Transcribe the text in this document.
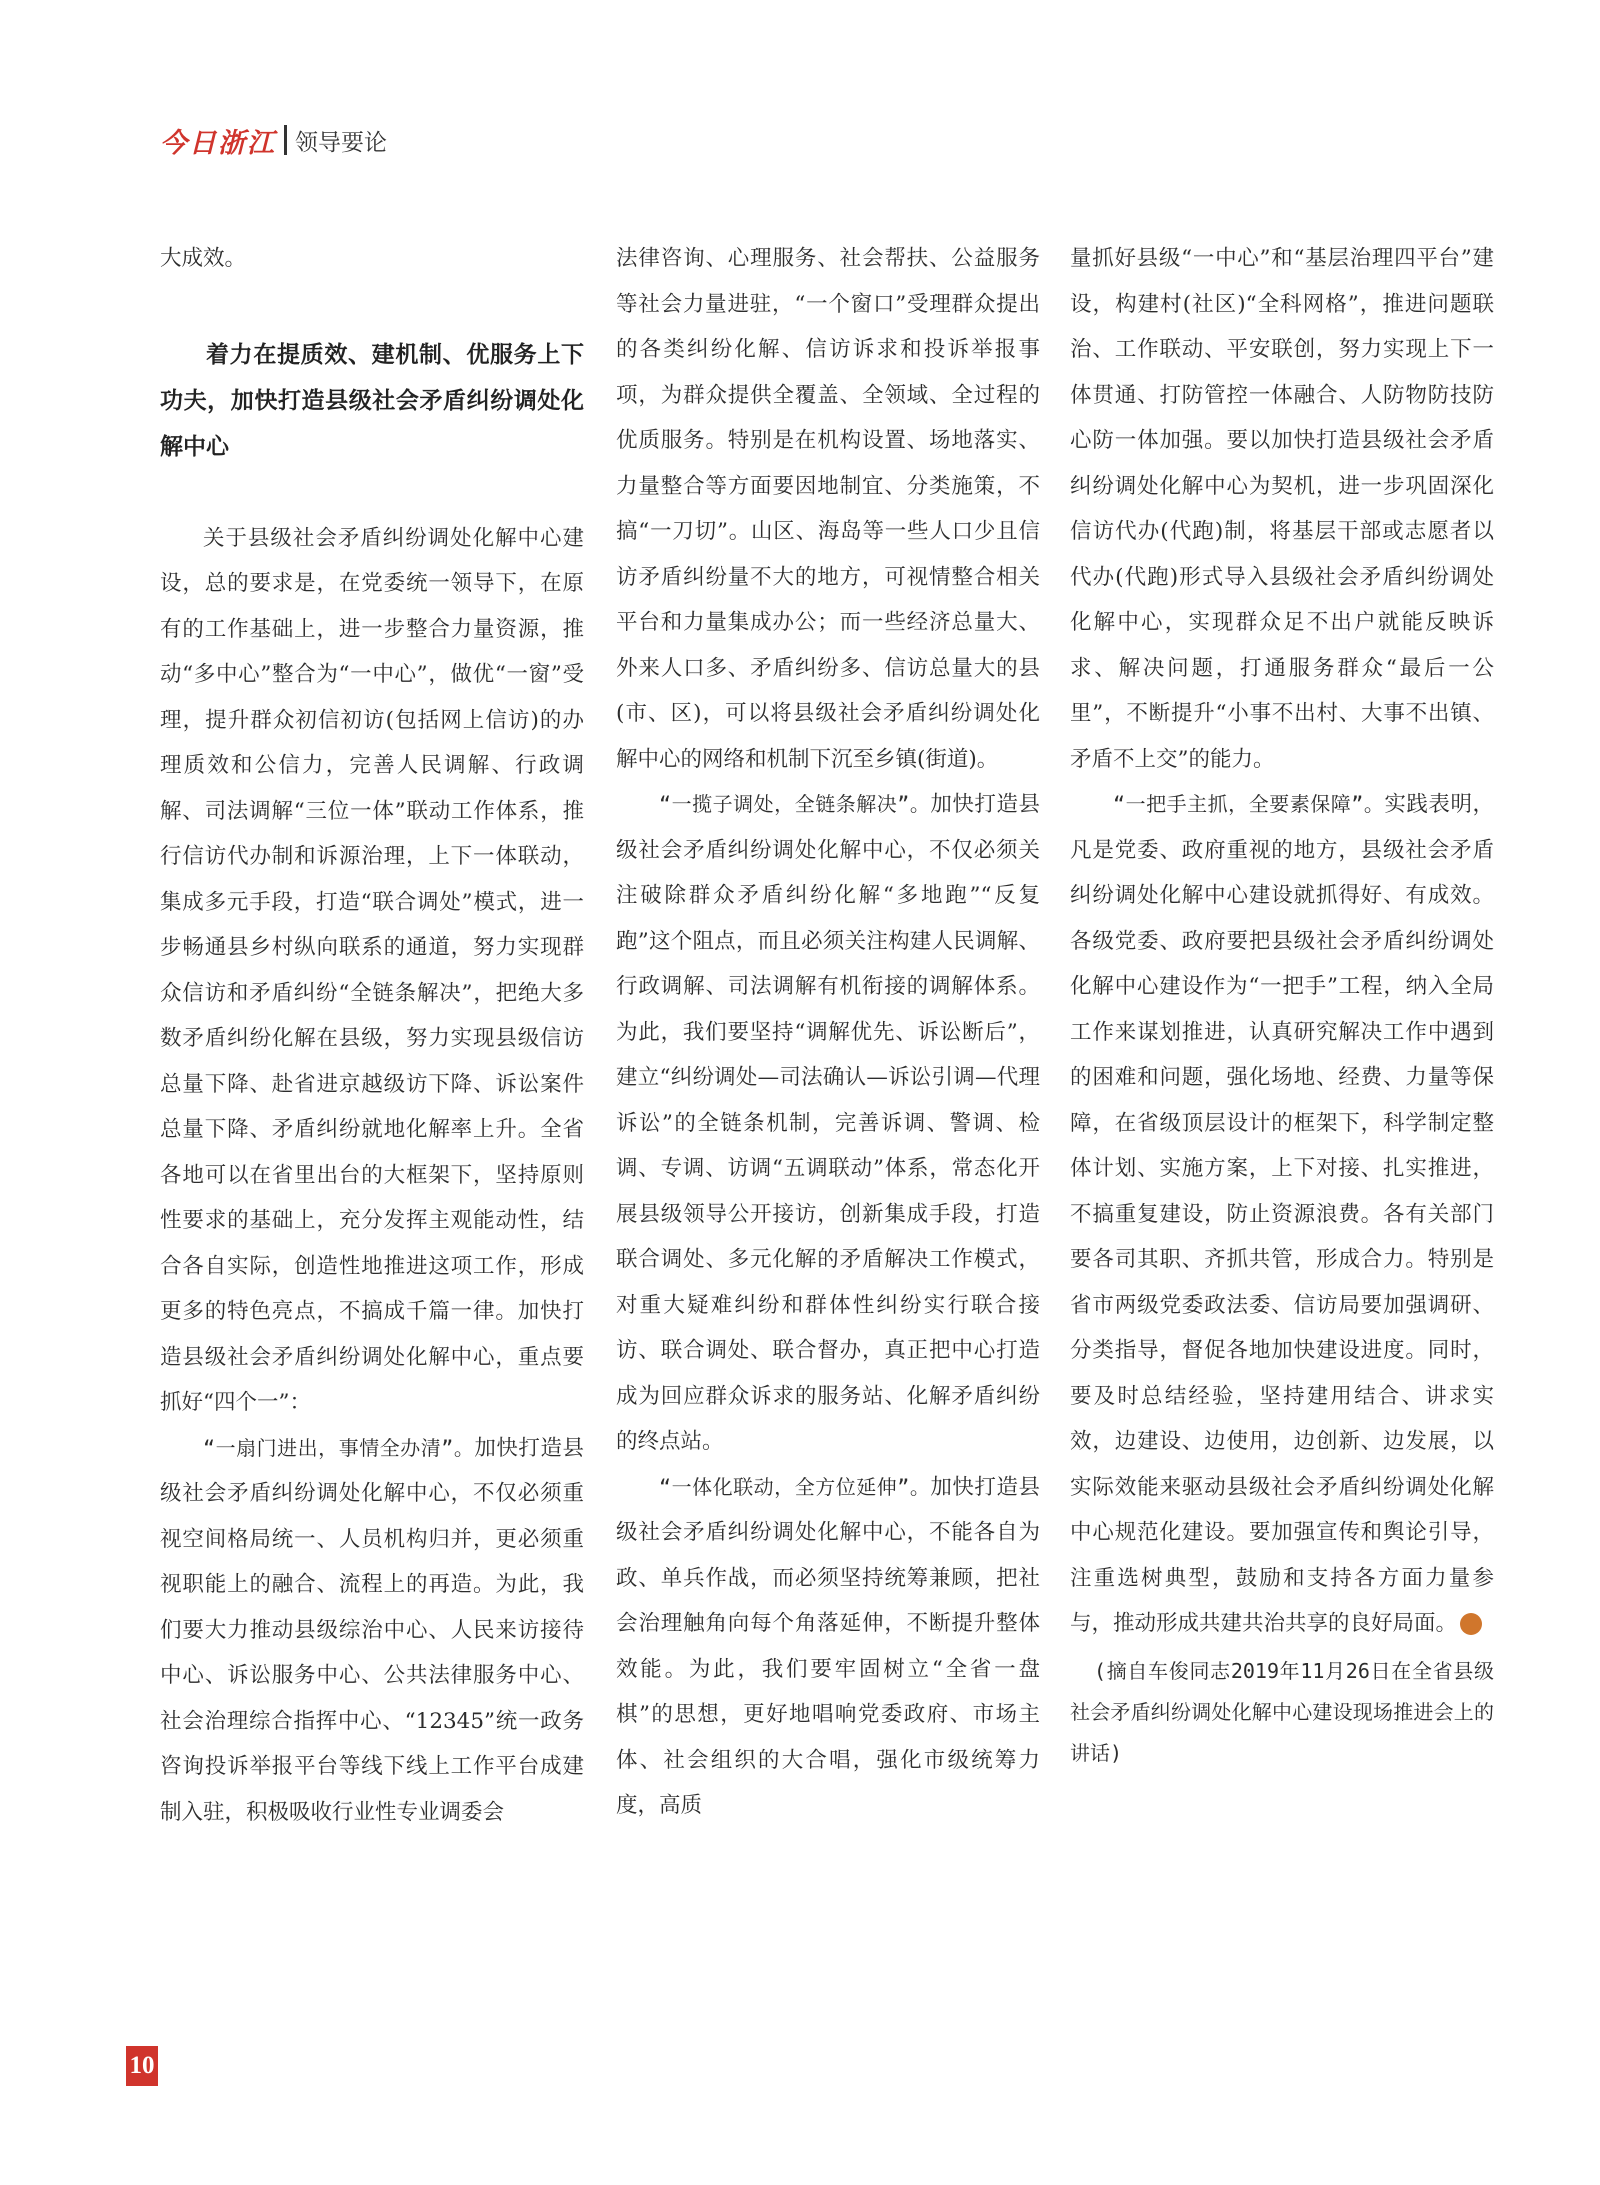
今日浙江 领导要论

大成效。

着力在提质效、建机制、优服务上下功夫，加快打造县级社会矛盾纠纷调处化解中心

关于县级社会矛盾纠纷调处化解中心建设，总的要求是，在党委统一领导下，在原有的工作基础上，进一步整合力量资源，推动“多中心”整合为“一中心”，做优“一窗”受理，提升群众初信初访(包括网上信访)的办理质效和公信力，完善人民调解、行政调解、司法调解“三位一体”联动工作体系，推行信访代办制和诉源治理，上下一体联动，集成多元手段，打造“联合调处”模式，进一步畅通县乡村纵向联系的通道，努力实现群众信访和矛盾纠纷“全链条解决”，把绝大多数矛盾纠纷化解在县级，努力实现县级信访总量下降、赴省进京越级访下降、诉讼案件总量下降、矛盾纠纷就地化解率上升。全省各地可以在省里出台的大框架下，坚持原则性要求的基础上，充分发挥主观能动性，结合各自实际，创造性地推进这项工作，形成更多的特色亮点，不搞成千篇一律。加快打造县级社会矛盾纠纷调处化解中心，重点要抓好“四个一”：

“一扇门进出，事情全办清”。加快打造县级社会矛盾纠纷调处化解中心，不仅必须重视空间格局统一、人员机构归并，更必须重视职能上的融合、流程上的再造。为此，我们要大力推动县级综治中心、人民来访接待中心、诉讼服务中心、公共法律服务中心、社会治理综合指挥中心、“12345”统一政务咨询投诉举报平台等线下线上工作平台成建制入驻，积极吸收行业性专业调委会

法律咨询、心理服务、社会帮扶、公益服务等社会力量进驻，“一个窗口”受理群众提出的各类纠纷化解、信访诉求和投诉举报事项，为群众提供全覆盖、全领域、全过程的优质服务。特别是在机构设置、场地落实、力量整合等方面要因地制宜、分类施策，不搞“一刀切”。山区、海岛等一些人口少且信访矛盾纠纷量不大的地方，可视情整合相关平台和力量集成办公；而一些经济总量大、外来人口多、矛盾纠纷多、信访总量大的县(市、区)，可以将县级社会矛盾纠纷调处化解中心的网络和机制下沉至乡镇(街道)。

“一揽子调处，全链条解决”。加快打造县级社会矛盾纠纷调处化解中心，不仅必须关注破除群众矛盾纠纷化解“多地跑”“反复跑”这个阻点，而且必须关注构建人民调解、行政调解、司法调解有机衔接的调解体系。为此，我们要坚持“调解优先、诉讼断后”，建立“纠纷调处—司法确认—诉讼引调—代理诉讼”的全链条机制，完善诉调、警调、检调、专调、访调“五调联动”体系，常态化开展县级领导公开接访，创新集成手段，打造联合调处、多元化解的矛盾解决工作模式，对重大疑难纠纷和群体性纠纷实行联合接访、联合调处、联合督办，真正把中心打造成为回应群众诉求的服务站、化解矛盾纠纷的终点站。

“一体化联动，全方位延伸”。加快打造县级社会矛盾纠纷调处化解中心，不能各自为政、单兵作战，而必须坚持统筹兼顾，把社会治理触角向每个角落延伸，不断提升整体效能。为此，我们要牢固树立“全省一盘棋”的思想，更好地唱响党委政府、市场主体、社会组织的大合唱，强化市级统筹力度，高质

量抓好县级“一中心”和“基层治理四平台”建设，构建村(社区)“全科网格”，推进问题联治、工作联动、平安联创，努力实现上下一体贯通、打防管控一体融合、人防物防技防心防一体加强。要以加快打造县级社会矛盾纠纷调处化解中心为契机，进一步巩固深化信访代办(代跑)制，将基层干部或志愿者以代办(代跑)形式导入县级社会矛盾纠纷调处化解中心，实现群众足不出户就能反映诉求、解决问题，打通服务群众“最后一公里”，不断提升“小事不出村、大事不出镇、矛盾不上交”的能力。

“一把手主抓，全要素保障”。实践表明，凡是党委、政府重视的地方，县级社会矛盾纠纷调处化解中心建设就抓得好、有成效。各级党委、政府要把县级社会矛盾纠纷调处化解中心建设作为“一把手”工程，纳入全局工作来谋划推进，认真研究解决工作中遇到的困难和问题，强化场地、经费、力量等保障，在省级顶层设计的框架下，科学制定整体计划、实施方案，上下对接、扎实推进，不搞重复建设，防止资源浪费。各有关部门要各司其职、齐抓共管，形成合力。特别是省市两级党委政法委、信访局要加强调研、分类指导，督促各地加快建设进度。同时，要及时总结经验，坚持建用结合、讲求实效，边建设、边使用，边创新、边发展，以实际效能来驱动县级社会矛盾纠纷调处化解中心规范化建设。要加强宣传和舆论引导，注重选树典型，鼓励和支持各方面力量参与，推动形成共建共治共享的良好局面。	今

(摘自车俊同志2019年11月26日在全省县级社会矛盾纠纷调处化解中心建设现场推进会上的讲话)

10
